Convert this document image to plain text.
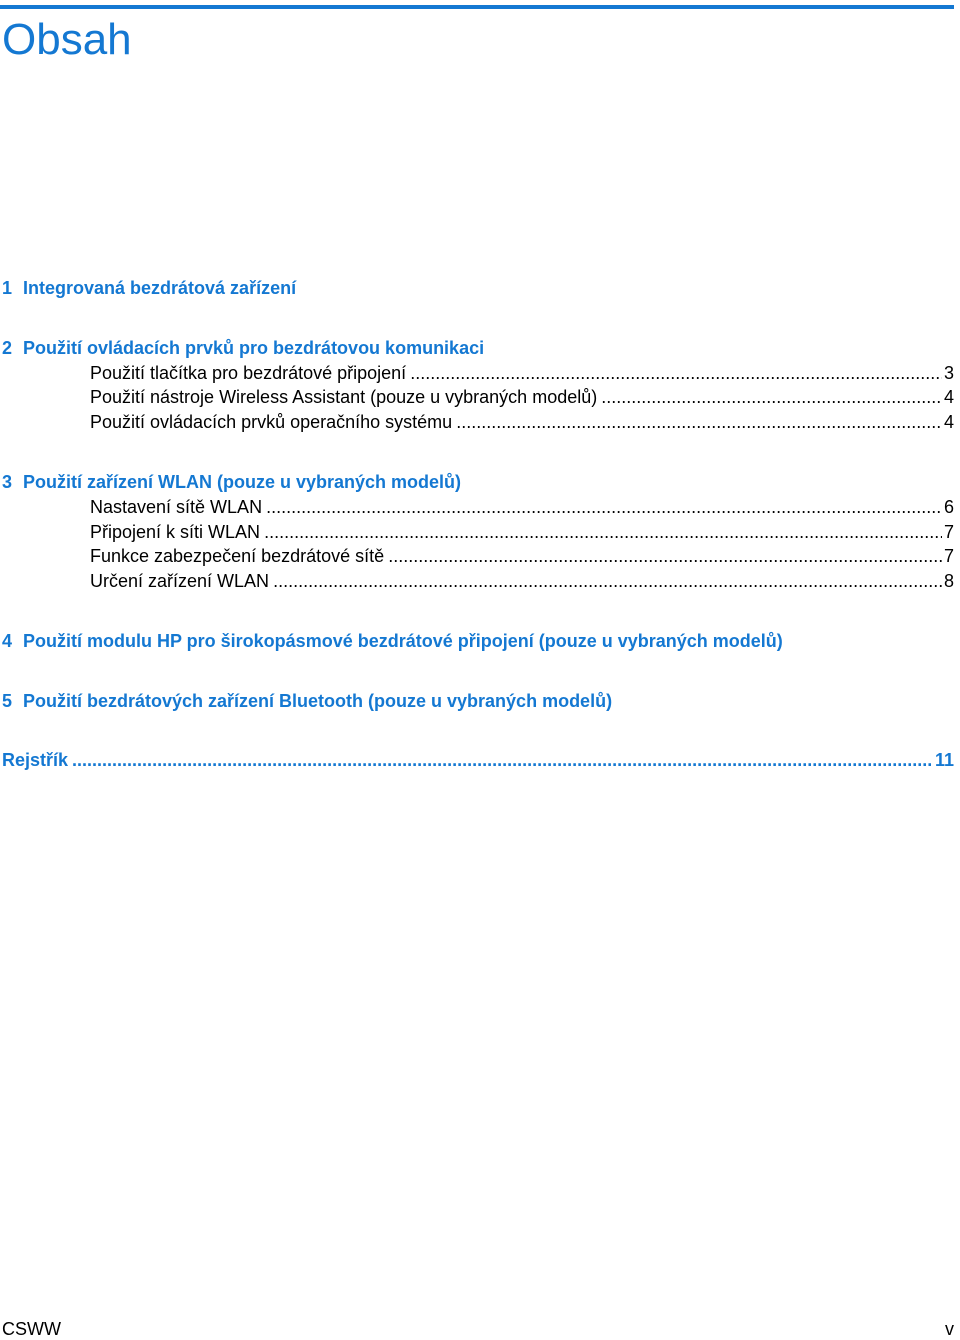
Obsah
1 Integrovaná bezdrátová zařízení
2 Použití ovládacích prvků pro bezdrátovou komunikaci
Použití tlačítka pro bezdrátové připojení .....	3
Použití nástroje Wireless Assistant (pouze u vybraných modelů) .....	4
Použití ovládacích prvků operačního systému .....	4
3 Použití zařízení WLAN (pouze u vybraných modelů)
Nastavení sítě WLAN .....	6
Připojení k síti WLAN .....	7
Funkce zabezpečení bezdrátové sítě .....	7
Určení zařízení WLAN .....	8
4 Použití modulu HP pro širokopásmové bezdrátové připojení (pouze u vybraných modelů)
5 Použití bezdrátových zařízení Bluetooth (pouze u vybraných modelů)
Rejstřík .....	11
CSWW	v
